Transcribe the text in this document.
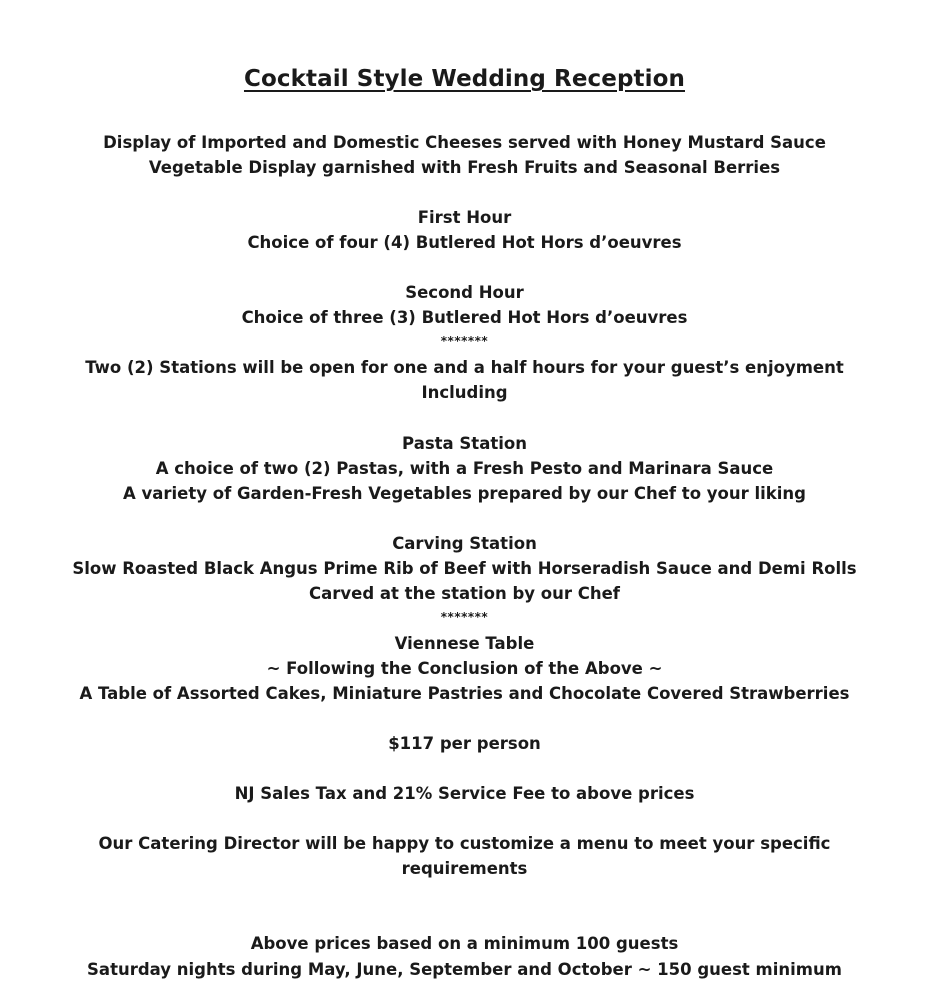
Cocktail Style Wedding Reception
Display of Imported and Domestic Cheeses served with Honey Mustard Sauce
Vegetable Display garnished with Fresh Fruits and Seasonal Berries
First Hour
Choice of four (4) Butlered Hot Hors d’oeuvres
Second Hour
Choice of three (3) Butlered Hot Hors d’oeuvres
*******
Two (2) Stations will be open for one and a half hours for your guest’s enjoyment
Including
Pasta Station
A choice of two (2) Pastas, with a Fresh Pesto and Marinara Sauce
A variety of Garden-Fresh Vegetables prepared by our Chef to your liking
Carving Station
Slow Roasted Black Angus Prime Rib of Beef with Horseradish Sauce and Demi Rolls
Carved at the station by our Chef
*******
Viennese Table
~ Following the Conclusion of the Above ~
A Table of Assorted Cakes, Miniature Pastries and Chocolate Covered Strawberries
$117 per person
NJ Sales Tax and 21% Service Fee to above prices
Our Catering Director will be happy to customize a menu to meet your specific
requirements
Above prices based on a minimum 100 guests
Saturday nights during May, June, September and October ~ 150 guest minimum
